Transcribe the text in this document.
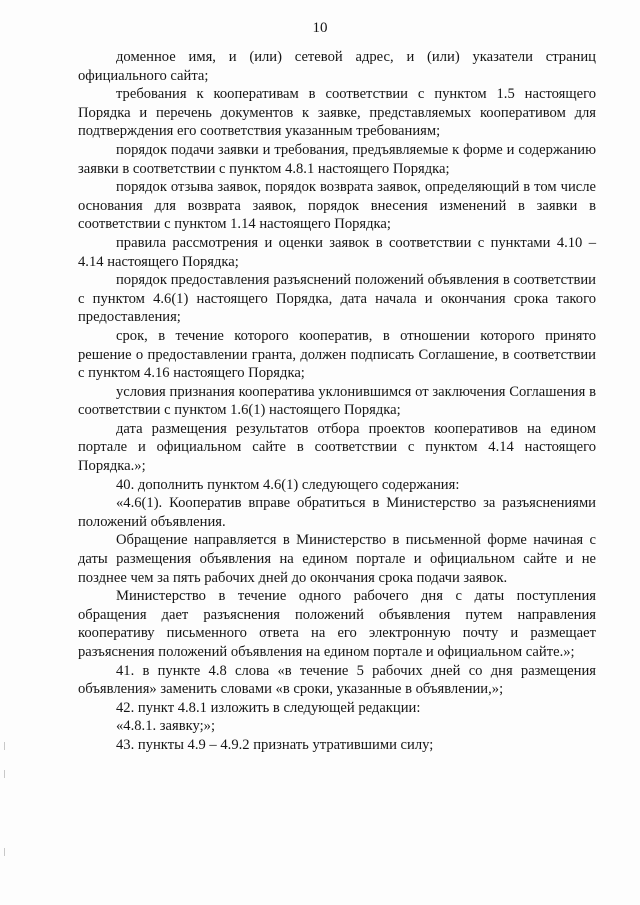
10

доменное имя, и (или) сетевой адрес, и (или) указатели страниц официального сайта;

требования к кооперативам в соответствии с пунктом 1.5 настоящего Порядка и перечень документов к заявке, представляемых кооперативом для подтверждения его соответствия указанным требованиям;

порядок подачи заявки и требования, предъявляемые к форме и содержанию заявки в соответствии с пунктом 4.8.1 настоящего Порядка;

порядок отзыва заявок, порядок возврата заявок, определяющий в том числе основания для возврата заявок, порядок внесения изменений в заявки в соответствии с пунктом 1.14 настоящего Порядка;

правила рассмотрения и оценки заявок в соответствии с пунктами 4.10 – 4.14 настоящего Порядка;

порядок предоставления разъяснений положений объявления в соответствии с пунктом 4.6(1) настоящего Порядка, дата начала и окончания срока такого предоставления;

срок, в течение которого кооператив, в отношении которого принято решение о предоставлении гранта, должен подписать Соглашение, в соответствии с пунктом 4.16 настоящего Порядка;

условия признания кооператива уклонившимся от заключения Соглашения в соответствии с пунктом 1.6(1) настоящего Порядка;

дата размещения результатов отбора проектов кооперативов на едином портале и официальном сайте в соответствии с пунктом 4.14 настоящего Порядка.»;

40. дополнить пунктом 4.6(1) следующего содержания:

«4.6(1). Кооператив вправе обратиться в Министерство за разъяснениями положений объявления.

Обращение направляется в Министерство в письменной форме начиная с даты размещения объявления на едином портале и официальном сайте и не позднее чем за пять рабочих дней до окончания срока подачи заявок.

Министерство в течение одного рабочего дня с даты поступления обращения дает разъяснения положений объявления путем направления кооперативу письменного ответа на его электронную почту и размещает разъяснения положений объявления на едином портале и официальном сайте.»;

41. в пункте 4.8 слова «в течение 5 рабочих дней со дня размещения объявления» заменить словами «в сроки, указанные в объявлении,»;

42. пункт 4.8.1 изложить в следующей редакции:

«4.8.1. заявку;»;

43. пункты 4.9 – 4.9.2 признать утратившими силу;
